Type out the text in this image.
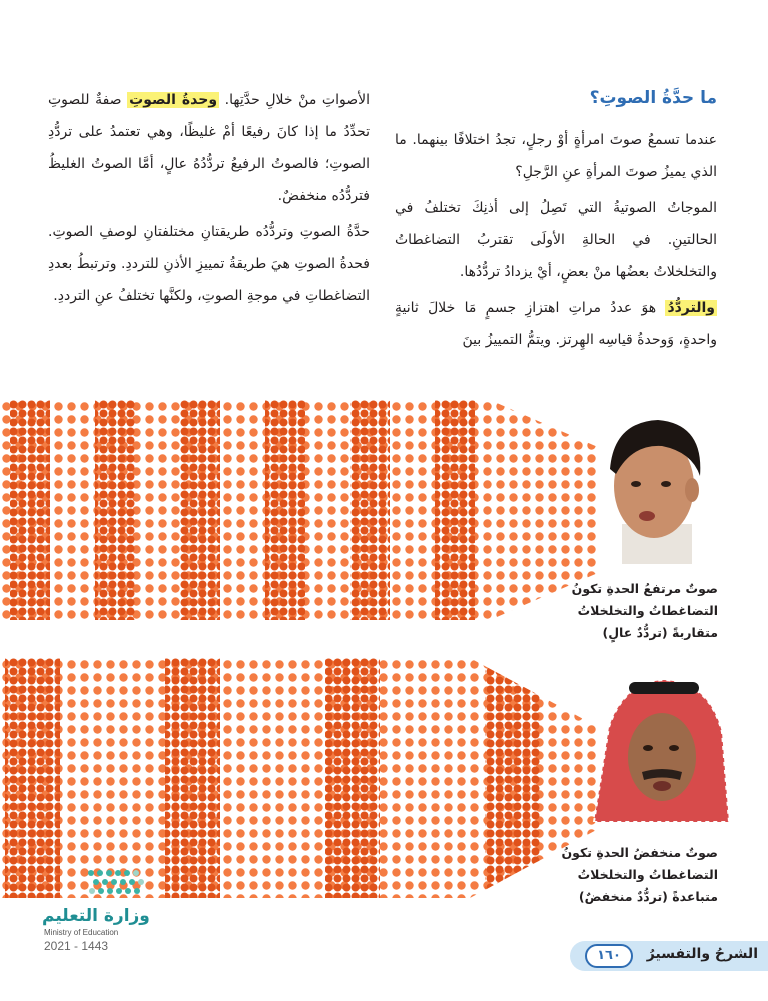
ما حدَّةُ الصوتِ؟

عندما تسمعُ صوتَ امرأةٍ أوْ رجلٍ، تجدُ اختلافًا بينهما. ما الذي يميزُ صوتَ المرأةِ عنِ الرَّجلِ؟

الموجاتُ الصوتيةُ التي تَصِلُ إلى أذنِكَ تختلفُ في الحالتينِ. في الحالةِ الأولَى تقتربُ التضاغطاتُ والتخلخلاتُ بعضُها منْ بعضٍ، أيْ يزدادُ تردُّدُها.

والتردُّدُ هوَ عددُ مراتِ اهتزازِ جسمٍ مَا خلالَ ثانيةٍ واحدةٍ، وَوحدةُ قياسِه الهِرتز. ويتمُّ التمييزُ بينَ

الأصواتِ منْ خلالِ حدَّتِها. وحدةُ الصوتِ صفةٌ للصوتِ تحدِّدُ ما إذا كانَ رفيعًا أمْ غليظًا، وهي تعتمدُ على تردُّدِ الصوتِ؛ فالصوتُ الرفيعُ تردُّدُهُ عالٍ، أمَّا الصوتُ الغليظُ فتردُّدُه منخفضٌ.

حدَّةُ الصوتِ وتردُّدُه طريقتانِ مختلفتانِ لوصفِ الصوتِ. فحدةُ الصوتِ هيَ طريقةُ تمييزِ الأذنِ للترددِ. وترتبطُ بعددِ التضاغطاتِ في موجةِ الصوتِ، ولكنَّها تختلفُ عنِ الترددِ.

صوتٌ مرتفعُ الحدةِ تكونُ
التضاغطاتُ والتخلخلاتُ
متقاربةً (تردُّدٌ عالٍ)
صوتٌ منخفضُ الحدةِ تكونُ
التضاغطاتُ والتخلخلاتُ
متباعدةً (تردُّدٌ منخفضٌ)
وزارة التعليم
Ministry of Education
2021 - 1443
١٦٠	الشرحُ والتفسيرُ
